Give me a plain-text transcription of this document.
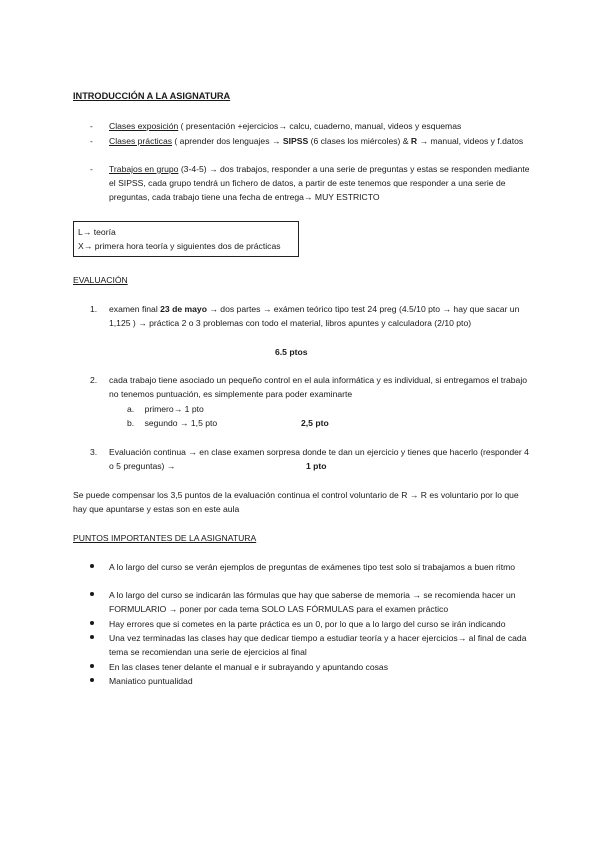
INTRODUCCIÓN A LA ASIGNATURA
-	Clases exposición ( presentación +ejercicios→ calcu, cuaderno, manual, videos y esquemas
-	Clases prácticas ( aprender dos lenguajes → SIPSS (6 clases los miércoles) & R → manual, videos y f.datos
-	Trabajos en grupo (3-4-5) → dos trabajos, responder a una serie de preguntas y estas se responden mediante el SIPSS, cada grupo tendrá un fichero de datos, a partir de este tenemos que responder a una serie de preguntas, cada trabajo tiene una fecha de entrega→ MUY ESTRICTO
L→ teoría
X→ primera hora teoría y siguientes dos de prácticas
EVALUACIÓN
1. examen final 23 de mayo → dos partes → exámen teórico tipo test 24 preg (4.5/10 pto → hay que sacar un 1,125 ) → práctica 2 o 3 problemas con todo el material, libros apuntes y calculadora (2/10 pto)
6.5 ptos
2. cada trabajo tiene asociado un pequeño control en el aula informática y es individual, si entregamos el trabajo no tenemos puntuación, es simplemente para poder examinarte
a. primero→ 1 pto
b. segundo → 1,5 pto	2,5 pto
3. Evaluación continua → en clase examen sorpresa donde te dan un ejercicio y tienes que hacerlo (responder 4 o 5 preguntas) →	1 pto
Se puede compensar los 3,5 puntos de la evaluación continua el control voluntario de R → R es voluntario por lo que hay que apuntarse y estas son en este aula
PUNTOS IMPORTANTES DE LA ASIGNATURA
A lo largo del curso se verán ejemplos de preguntas de exámenes tipo test solo si trabajamos a buen ritmo
A lo largo del curso se indicarán las fórmulas que hay que saberse de memoria → se recomienda hacer un FORMULARIO → poner por cada tema SOLO LAS FÓRMULAS para el examen práctico
Hay errores que si cometes en la parte práctica es un 0, por lo que a lo largo del curso se irán indicando
Una vez terminadas las clases hay que dedicar tiempo a estudiar teoría y a hacer ejercicios→ al final de cada tema se recomiendan una serie de ejercicios al final
En las clases tener delante el manual e ir subrayando y apuntando cosas
Maniatico puntualidad
